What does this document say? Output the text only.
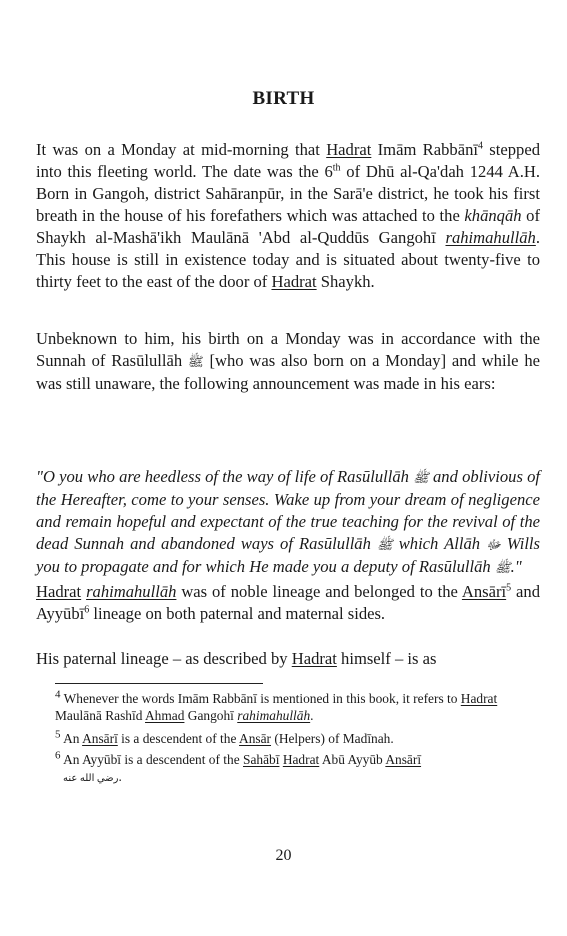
BIRTH

It was on a Monday at mid-morning that Hadrat Imām Rabbānī$^4$ stepped into this fleeting world. The date was the 6th of Dhū al-Qa'dah 1244 A.H. Born in Gangoh, district Sahāranpūr, in the Sarā'e district, he took his first breath in the house of his forefathers which was attached to the khānqāh of Shaykh al-Mashā'ikh Maulānā 'Abd al-Quddūs Gangohī rahimahullāh. This house is still in existence today and is situated about twenty-five to thirty feet to the east of the door of Hadrat Shaykh.

Unbeknown to him, his birth on a Monday was in accordance with the Sunnah of Rasūlullāh ﷺ [who was also born on a Monday] and while he was still unaware, the following announcement was made in his ears:

"O you who are heedless of the way of life of Rasūlullāh ﷺ and oblivious of the Hereafter, come to your senses. Wake up from your dream of negligence and remain hopeful and expectant of the true teaching for the revival of the dead Sunnah and abandoned ways of Rasūlullāh ﷺ which Allāh ﷻ Wills you to propagate and for which He made you a deputy of Rasūlullāh ﷺ."

Hadrat rahimahullāh was of noble lineage and belonged to the Ansārī$^5$ and Ayyūbī$^6$ lineage on both paternal and maternal sides.

His paternal lineage – as described by Hadrat himself – is as

$^4$ Whenever the words Imām Rabbānī is mentioned in this book, it refers to Hadrat Maulānā Rashīd Ahmad Gangohī rahimahullāh.

$^5$ An Ansārī is a descendent of the Ansār (Helpers) of Madīnah.

$^6$ An Ayyūbī is a descendent of the Sahābī Hadrat Abū Ayyūb Ansārī
رضي الله عنه.

20
